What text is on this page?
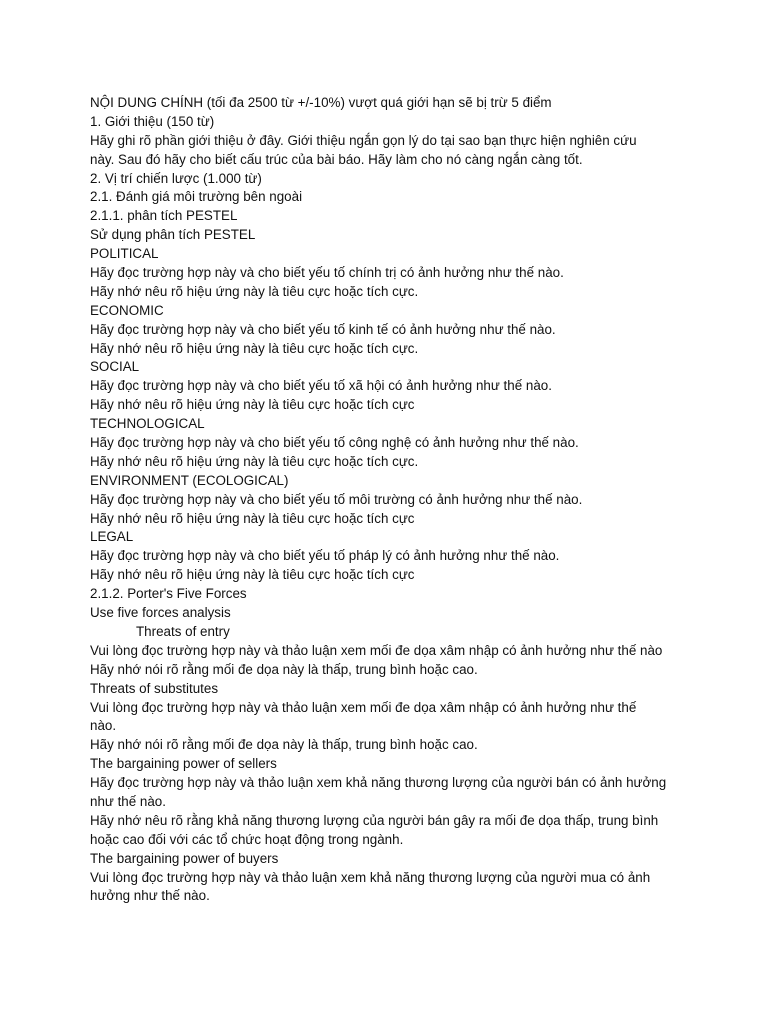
NỘI DUNG CHÍNH (tối đa 2500 từ +/-10%) vượt quá giới hạn sẽ bị trừ 5 điểm
1. Giới thiệu (150 từ)
Hãy ghi rõ phần giới thiệu ở đây. Giới thiệu ngắn gọn lý do tại sao bạn thực hiện nghiên cứu
này. Sau đó hãy cho biết cấu trúc của bài báo. Hãy làm cho nó càng ngắn càng tốt.
2. Vị trí chiến lược (1.000 từ)
2.1. Đánh giá môi trường bên ngoài
2.1.1. phân tích PESTEL
Sử dụng phân tích PESTEL
POLITICAL
Hãy đọc trường hợp này và cho biết yếu tố chính trị có ảnh hưởng như thế nào.
Hãy nhớ nêu rõ hiệu ứng này là tiêu cực hoặc tích cực.
ECONOMIC
Hãy đọc trường hợp này và cho biết yếu tố kinh tế có ảnh hưởng như thế nào.
Hãy nhớ nêu rõ hiệu ứng này là tiêu cực hoặc tích cực.
SOCIAL
Hãy đọc trường hợp này và cho biết yếu tố xã hội có ảnh hưởng như thế nào.
Hãy nhớ nêu rõ hiệu ứng này là tiêu cực hoặc tích cực
TECHNOLOGICAL
Hãy đọc trường hợp này và cho biết yếu tố công nghệ có ảnh hưởng như thế nào.
Hãy nhớ nêu rõ hiệu ứng này là tiêu cực hoặc tích cực.
ENVIRONMENT (ECOLOGICAL)
Hãy đọc trường hợp này và cho biết yếu tố môi trường có ảnh hưởng như thế nào.
Hãy nhớ nêu rõ hiệu ứng này là tiêu cực hoặc tích cực
LEGAL
Hãy đọc trường hợp này và cho biết yếu tố pháp lý có ảnh hưởng như thế nào.
Hãy nhớ nêu rõ hiệu ứng này là tiêu cực hoặc tích cực
2.1.2. Porter's Five Forces
Use five forces analysis
Threats of entry
Vui lòng đọc trường hợp này và thảo luận xem mối đe dọa xâm nhập có ảnh hưởng như thế nào
Hãy nhớ nói rõ rằng mối đe dọa này là thấp, trung bình hoặc cao.
Threats of substitutes
Vui lòng đọc trường hợp này và thảo luận xem mối đe dọa xâm nhập có ảnh hưởng như thế
nào.
Hãy nhớ nói rõ rằng mối đe dọa này là thấp, trung bình hoặc cao.
The bargaining power of sellers
Hãy đọc trường hợp này và thảo luận xem khả năng thương lượng của người bán có ảnh hưởng
như thế nào.
Hãy nhớ nêu rõ rằng khả năng thương lượng của người bán gây ra mối đe dọa thấp, trung bình
hoặc cao đối với các tổ chức hoạt động trong ngành.
The bargaining power of buyers
Vui lòng đọc trường hợp này và thảo luận xem khả năng thương lượng của người mua có ảnh
hưởng như thế nào.
